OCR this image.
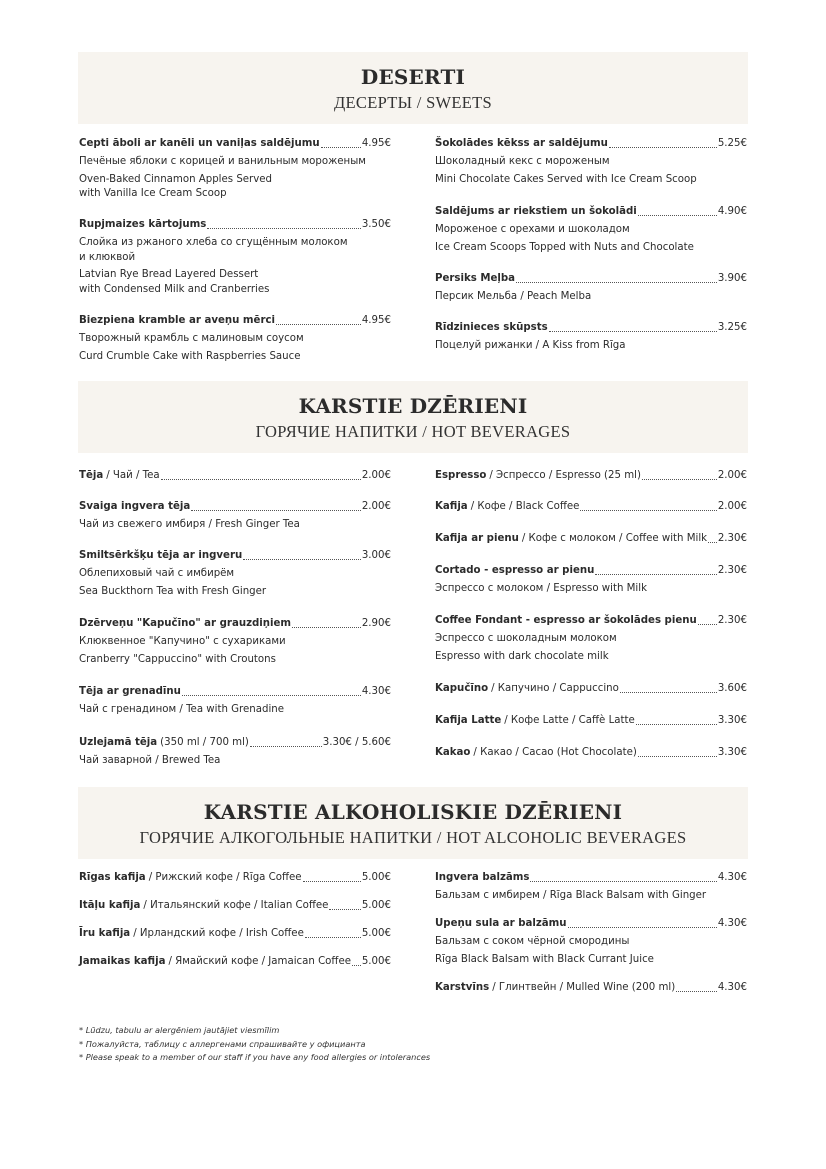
DESERTI
ДЕСЕРТЫ / SWEETS
Cepti āboli ar kanēli un vaniļas saldējumu	4.95€
Печёные яблоки с корицей и ванильным мороженым
Oven-Baked Cinnamon Apples Served
with Vanilla Ice Cream Scoop
Rupjmaizes kārtojums	3.50€
Слойка из ржаного хлеба со сгущённым молоком
и клюквой
Latvian Rye Bread Layered Dessert
with Condensed Milk and Cranberries
Biezpiena kramble ar aveņu mērci	4.95€
Творожный крамбль с малиновым соусом
Curd Crumble Cake with Raspberries Sauce
Šokolādes kēkss ar saldējumu	5.25€
Шоколадный кекс с мороженым
Mini Chocolate Cakes Served with Ice Cream Scoop
Saldējums ar riekstiem un šokolādi	4.90€
Мороженое с орехами и шоколадом
Ice Cream Scoops Topped with Nuts and Chocolate
Persiks Meļba	3.90€
Персик Мельба / Peach Melba
Rīdzinieces skūpsts	3.25€
Поцелуй рижанки / A Kiss from Rīga
KARSTIE DZĒRIENI
ГОРЯЧИЕ НАПИТКИ / HOT BEVERAGES
Tēja / Чай / Tea	2.00€
Svaiga ingvera tēja	2.00€
Чай из свежего имбиря / Fresh Ginger Tea
Smiltsērkšķu tēja ar ingveru	3.00€
Облепиховый чай с имбирём
Sea Buckthorn Tea with Fresh Ginger
Dzērveņu "Kapučīno" ar grauzdiņiem	2.90€
Клюквенное "Капучино" с сухариками
Cranberry "Cappuccino" with Croutons
Tēja ar grenadīnu	4.30€
Чай с гренадином / Tea with Grenadine
Uzlejamā tēja (350 ml / 700 ml)	3.30€ / 5.60€
Чай заварной / Brewed Tea
Espresso / Эспрессо / Espresso (25 ml)	2.00€
Kafija / Кофе / Black Coffee	2.00€
Kafija ar pienu / Кофе с молоком / Coffee with Milk 2.30€
Cortado - espresso ar pienu	2.30€
Эспрессо с молоком / Espresso with Milk
Coffee Fondant - espresso ar šokolādes pienu 2.30€
Эспрессо с шоколадным молоком
Espresso with dark chocolate milk
Kapučīno / Капучино / Cappuccino	3.60€
Kafija Latte / Кофе Latte / Caffè Latte	3.30€
Kakao / Какао / Cacao (Hot Chocolate)	3.30€
KARSTIE ALKOHOLISKIE DZĒRIENI
ГОРЯЧИЕ АЛКОГОЛЬНЫЕ НАПИТКИ / HOT ALCOHOLIC BEVERAGES
Rīgas kafija / Рижский кофе / Rīga Coffee	5.00€
Itāļu kafija / Итальянский кофе / Italian Coffee	5.00€
Īru kafija / Ирландский кофе / Irish Coffee	5.00€
Jamaikas kafija / Ямайский кофе / Jamaican Coffee 5.00€
Ingvera balzāms	4.30€
Бальзам с имбирем / Rīga Black Balsam with Ginger
Upeņu sula ar balzāmu	4.30€
Бальзам с соком чёрной смородины
Rīga Black Balsam with Black Currant Juice
Karstvīns / Глинтвейн / Mulled Wine (200 ml)	4.30€
* Lūdzu, tabulu ar alergēniem jautājiet viesmīlim
* Пожалуйста, таблицу с аллергенами спрашивайте у официанта
* Please speak to a member of our staff if you have any food allergies or intolerances
